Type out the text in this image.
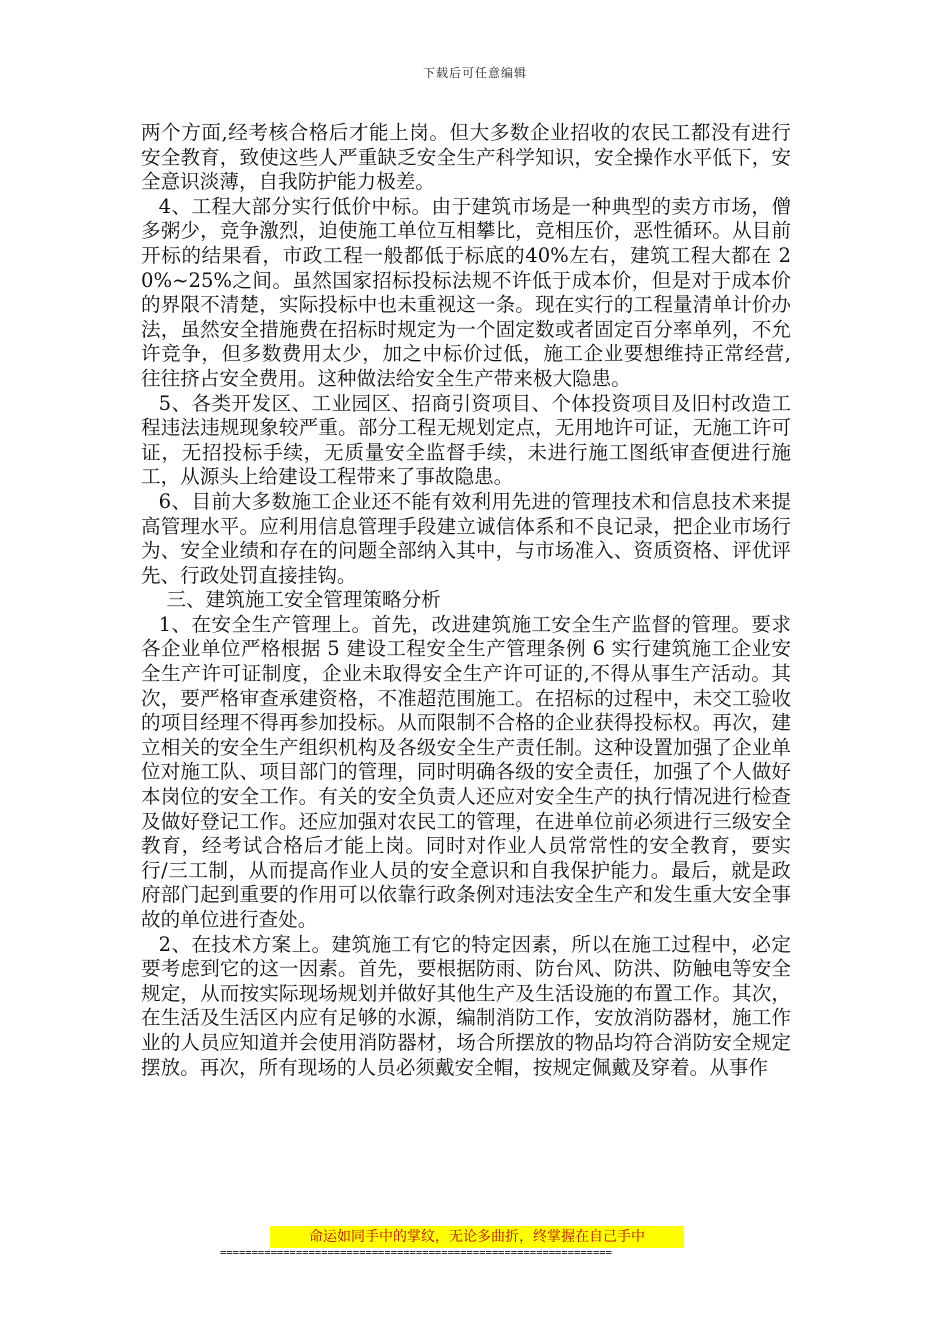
下载后可任意编辑

两个方面,经考核合格后才能上岗。但大多数企业招收的农民工都没有进行安全教育，致使这些人严重缺乏安全生产科学知识，安全操作水平低下，安全意识淡薄，自我防护能力极差。

4、工程大部分实行低价中标。由于建筑市场是一种典型的卖方市场，僧多粥少，竞争激烈，迫使施工单位互相攀比，竞相压价，恶性循环。从目前开标的结果看，市政工程一般都低于标底的40%左右，建筑工程大都在 20%~25%之间。虽然国家招标投标法规不许低于成本价，但是对于成本价的界限不清楚，实际投标中也未重视这一条。现在实行的工程量清单计价办法，虽然安全措施费在招标时规定为一个固定数或者固定百分率单列，不允许竞争，但多数费用太少，加之中标价过低，施工企业要想维持正常经营,往往挤占安全费用。这种做法给安全生产带来极大隐患。

5、各类开发区、工业园区、招商引资项目、个体投资项目及旧村改造工程违法违规现象较严重。部分工程无规划定点，无用地许可证，无施工许可证，无招投标手续，无质量安全监督手续，未进行施工图纸审查便进行施工，从源头上给建设工程带来了事故隐患。

6、目前大多数施工企业还不能有效利用先进的管理技术和信息技术来提高管理水平。应利用信息管理手段建立诚信体系和不良记录，把企业市场行为、安全业绩和存在的问题全部纳入其中，与市场准入、资质资格、评优评先、行政处罚直接挂钩。

三、建筑施工安全管理策略分析

1、在安全生产管理上。首先，改进建筑施工安全生产监督的管理。要求各企业单位严格根据 5 建设工程安全生产管理条例 6 实行建筑施工企业安全生产许可证制度，企业未取得安全生产许可证的,不得从事生产活动。其次，要严格审查承建资格，不准超范围施工。在招标的过程中，未交工验收的项目经理不得再参加投标。从而限制不合格的企业获得投标权。再次，建立相关的安全生产组织机构及各级安全生产责任制。这种设置加强了企业单位对施工队、项目部门的管理，同时明确各级的安全责任，加强了个人做好本岗位的安全工作。有关的安全负责人还应对安全生产的执行情况进行检查及做好登记工作。还应加强对农民工的管理，在进单位前必须进行三级安全教育，经考试合格后才能上岗。同时对作业人员常常性的安全教育，要实行/三工制，从而提高作业人员的安全意识和自我保护能力。最后，就是政府部门起到重要的作用可以依靠行政条例对违法安全生产和发生重大安全事故的单位进行查处。

2、在技术方案上。建筑施工有它的特定因素，所以在施工过程中，必定要考虑到它的这一因素。首先，要根据防雨、防台风、防洪、防触电等安全规定，从而按实际现场规划并做好其他生产及生活设施的布置工作。其次，在生活及生活区内应有足够的水源，编制消防工作，安放消防器材，施工作业的人员应知道并会使用消防器材，场合所摆放的物品均符合消防安全规定摆放。再次，所有现场的人员必须戴安全帽，按规定佩戴及穿着。从事作

命运如同手中的掌纹，无论多曲折，终掌握在自己手中
==============================================================
